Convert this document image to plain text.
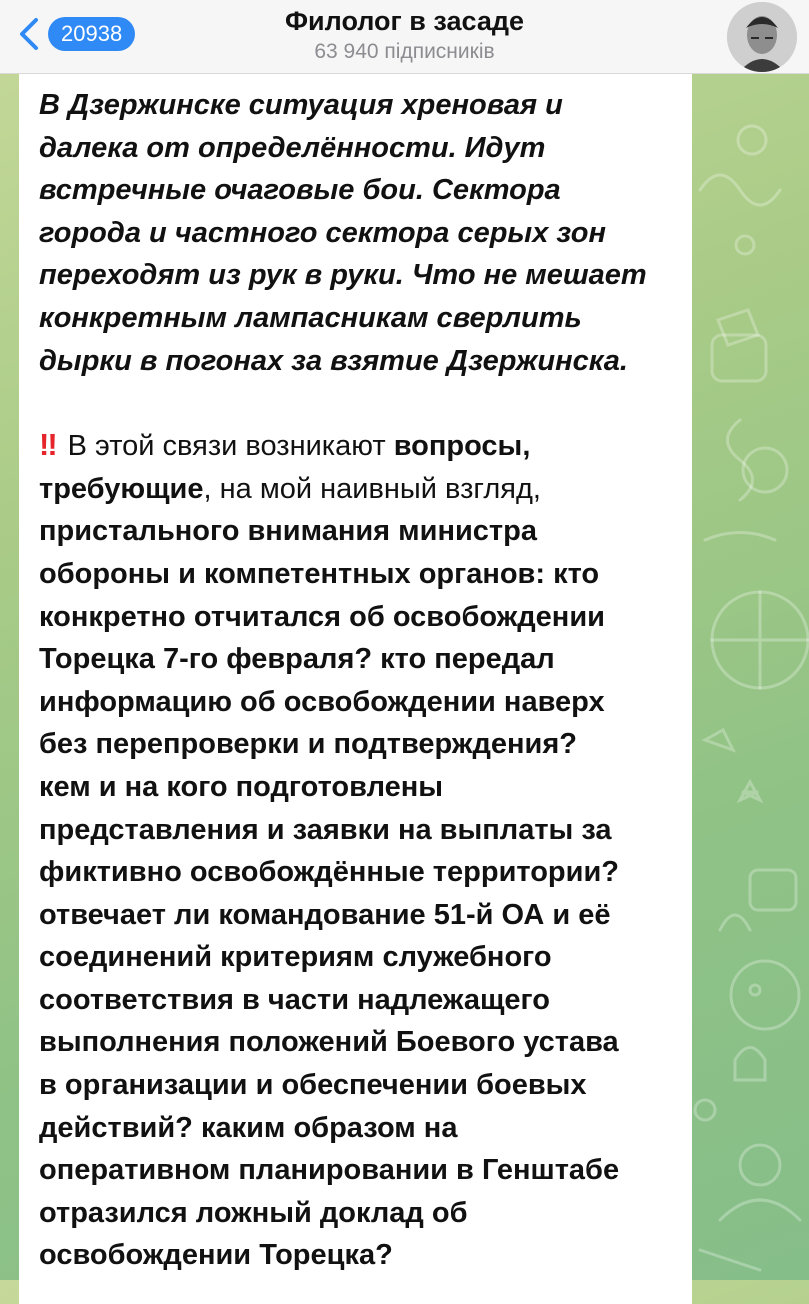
20938	Филолог в засаде
63 940 підписників

В Дзержинске ситуация хреновая и
далека от определённости. Идут
встречные очаговые бои. Сектора
города и частного сектора серых зон
переходят из рук в руки. Что не мешает
конкретным лампасникам сверлить
дырки в погонах за взятие Дзержинска.

!! В этой связи возникают вопросы,
требующие, на мой наивный взгляд,
пристального внимания министра
обороны и компетентных органов: кто
конкретно отчитался об освобождении
Торецка 7-го февраля? кто передал
информацию об освобождении наверх
без перепроверки и подтверждения?
кем и на кого подготовлены
представления и заявки на выплаты за
фиктивно освобождённые территории?
отвечает ли командование 51-й ОА и её
соединений критериям служебного
соответствия в части надлежащего
выполнения положений Боевого устава
в организации и обеспечении боевых
действий? каким образом на
оперативном планировании в Генштабе
отразился ложный доклад об
освобождении Торецка?
